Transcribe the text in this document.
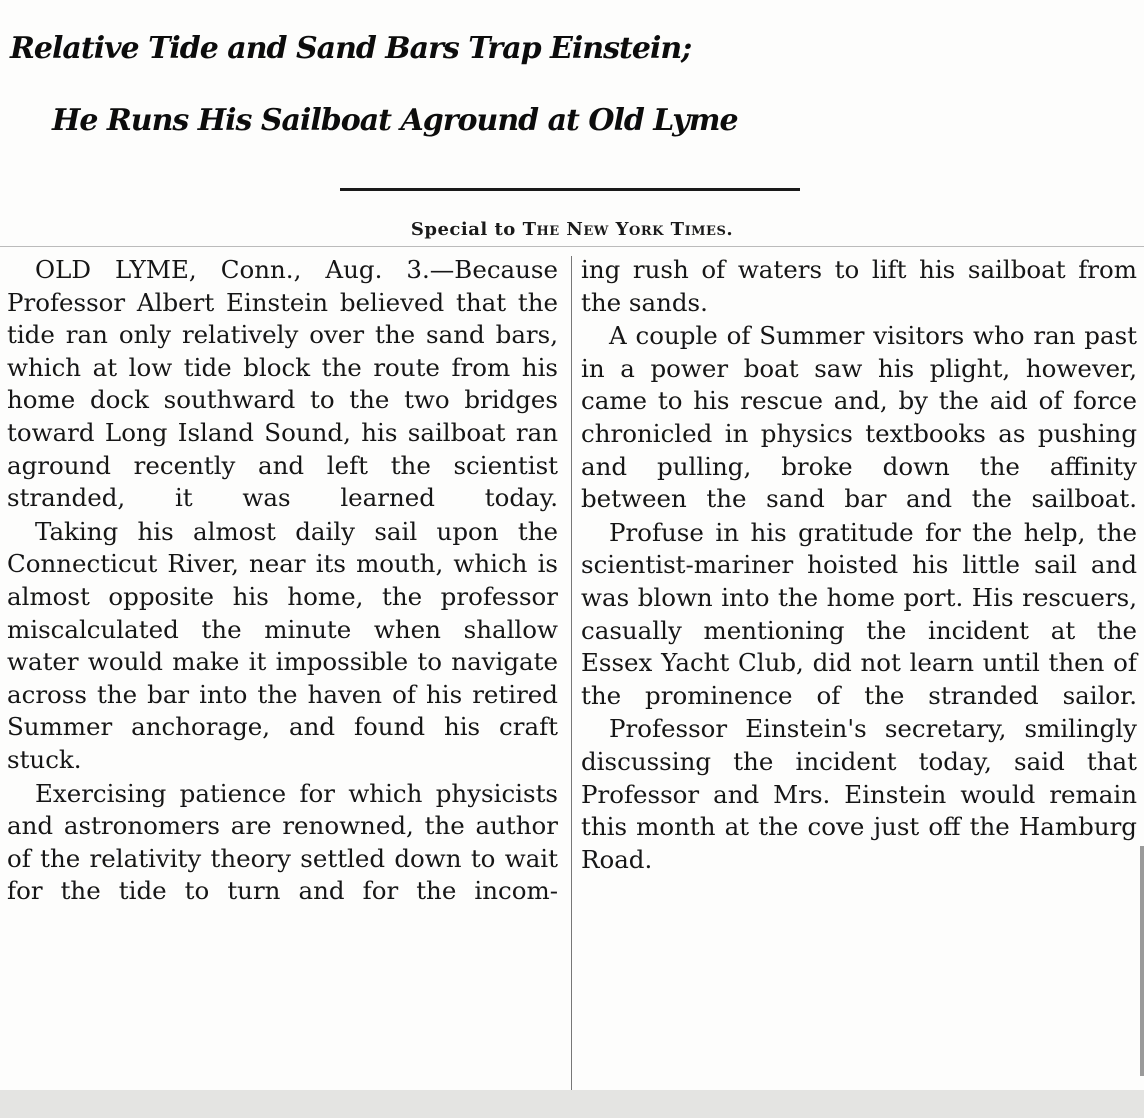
Relative Tide and Sand Bars Trap Einstein;
He Runs His Sailboat Aground at Old Lyme
Special to The New York Times.

OLD LYME, Conn., Aug. 3.—Because Professor Albert Einstein believed that the tide ran only relatively over the sand bars, which at low tide block the route from his home dock southward to the two bridges toward Long Island Sound, his sailboat ran aground recently and left the scientist stranded, it was learned today.

Taking his almost daily sail upon the Connecticut River, near its mouth, which is almost opposite his home, the professor miscalculated the minute when shallow water would make it impossible to navigate across the bar into the haven of his retired Summer anchorage, and found his craft stuck.

Exercising patience for which physicists and astronomers are renowned, the author of the relativity theory settled down to wait for the tide to turn and for the incom-

ing rush of waters to lift his sailboat from the sands.

A couple of Summer visitors who ran past in a power boat saw his plight, however, came to his rescue and, by the aid of force chronicled in physics textbooks as pushing and pulling, broke down the affinity between the sand bar and the sailboat.

Profuse in his gratitude for the help, the scientist-mariner hoisted his little sail and was blown into the home port. His rescuers, casually mentioning the incident at the Essex Yacht Club, did not learn until then of the prominence of the stranded sailor.

Professor Einstein's secretary, smilingly discussing the incident today, said that Professor and Mrs. Einstein would remain this month at the cove just off the Hamburg Road.
